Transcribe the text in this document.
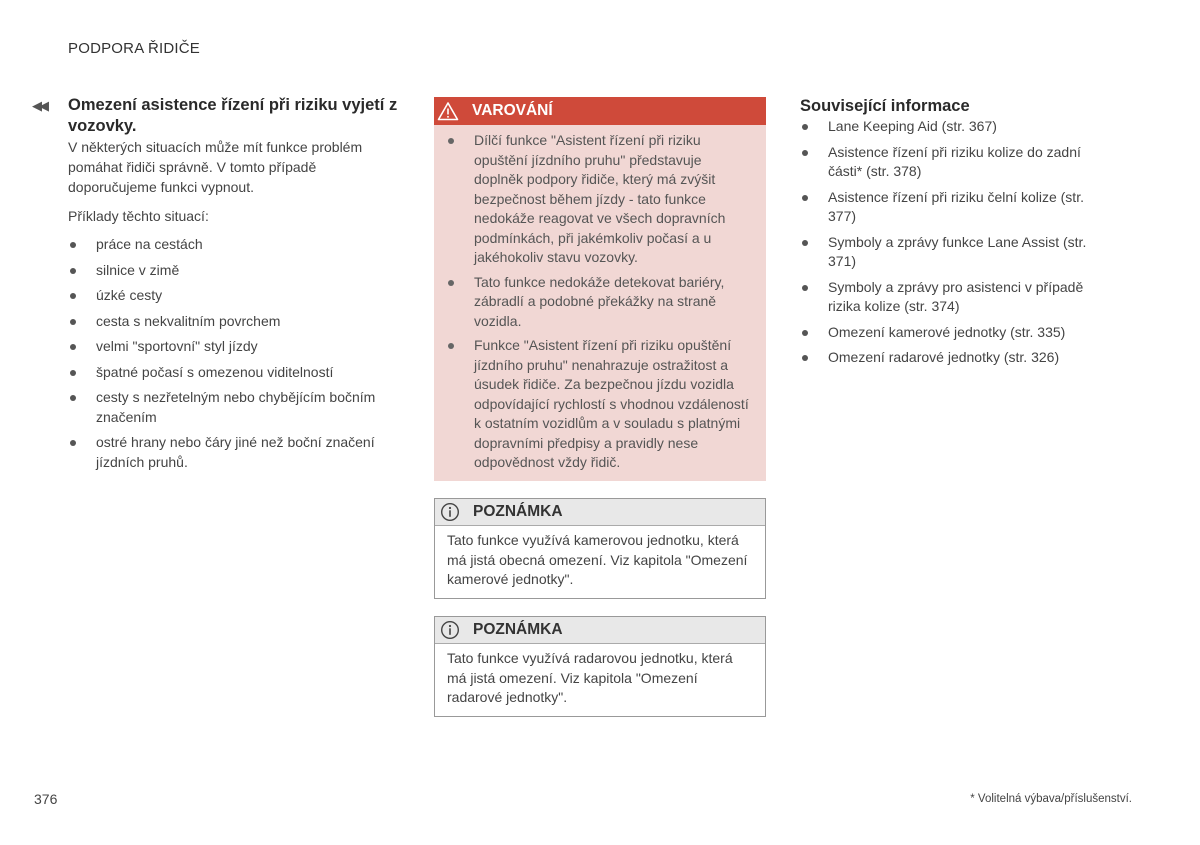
PODPORA ŘIDIČE
◀◀ Omezení asistence řízení při riziku vyjetí z vozovky.

V některých situacích může mít funkce problém pomáhat řidiči správně. V tomto případě doporučujeme funkci vypnout.

Příklady těchto situací:

práce na cestách
silnice v zimě
úzké cesty
cesta s nekvalitním povrchem
velmi "sportovní" styl jízdy
špatné počasí s omezenou viditelností
cesty s nezřetelným nebo chybějícím bočním značením
ostré hrany nebo čáry jiné než boční značení jízdních pruhů.
VAROVÁNÍ
Dílčí funkce "Asistent řízení při riziku opuštění jízdního pruhu" představuje doplněk podpory řidiče, který má zvýšit bezpečnost během jízdy - tato funkce nedokáže reagovat ve všech dopravních podmínkách, při jakémkoliv počasí a u jakéhokoliv stavu vozovky.
Tato funkce nedokáže detekovat bariéry, zábradlí a podobné překážky na straně vozidla.
Funkce "Asistent řízení při riziku opuštění jízdního pruhu" nenahrazuje ostražitost a úsudek řidiče. Za bezpečnou jízdu vozidla odpovídající rychlostí s vhodnou vzdáleností k ostatním vozidlům a v souladu s platnými dopravními předpisy a pravidly nese odpovědnost vždy řidič.
POZNÁMKA
Tato funkce využívá kamerovou jednotku, která má jistá obecná omezení. Viz kapitola "Omezení kamerové jednotky".
POZNÁMKA
Tato funkce využívá radarovou jednotku, která má jistá omezení. Viz kapitola "Omezení radarové jednotky".
Související informace
Lane Keeping Aid (str. 367)
Asistence řízení při riziku kolize do zadní části* (str. 378)
Asistence řízení při riziku čelní kolize (str. 377)
Symboly a zprávy funkce Lane Assist (str. 371)
Symboly a zprávy pro asistenci v případě rizika kolize (str. 374)
Omezení kamerové jednotky (str. 335)
Omezení radarové jednotky (str. 326)
376	* Volitelná výbava/příslušenství.
